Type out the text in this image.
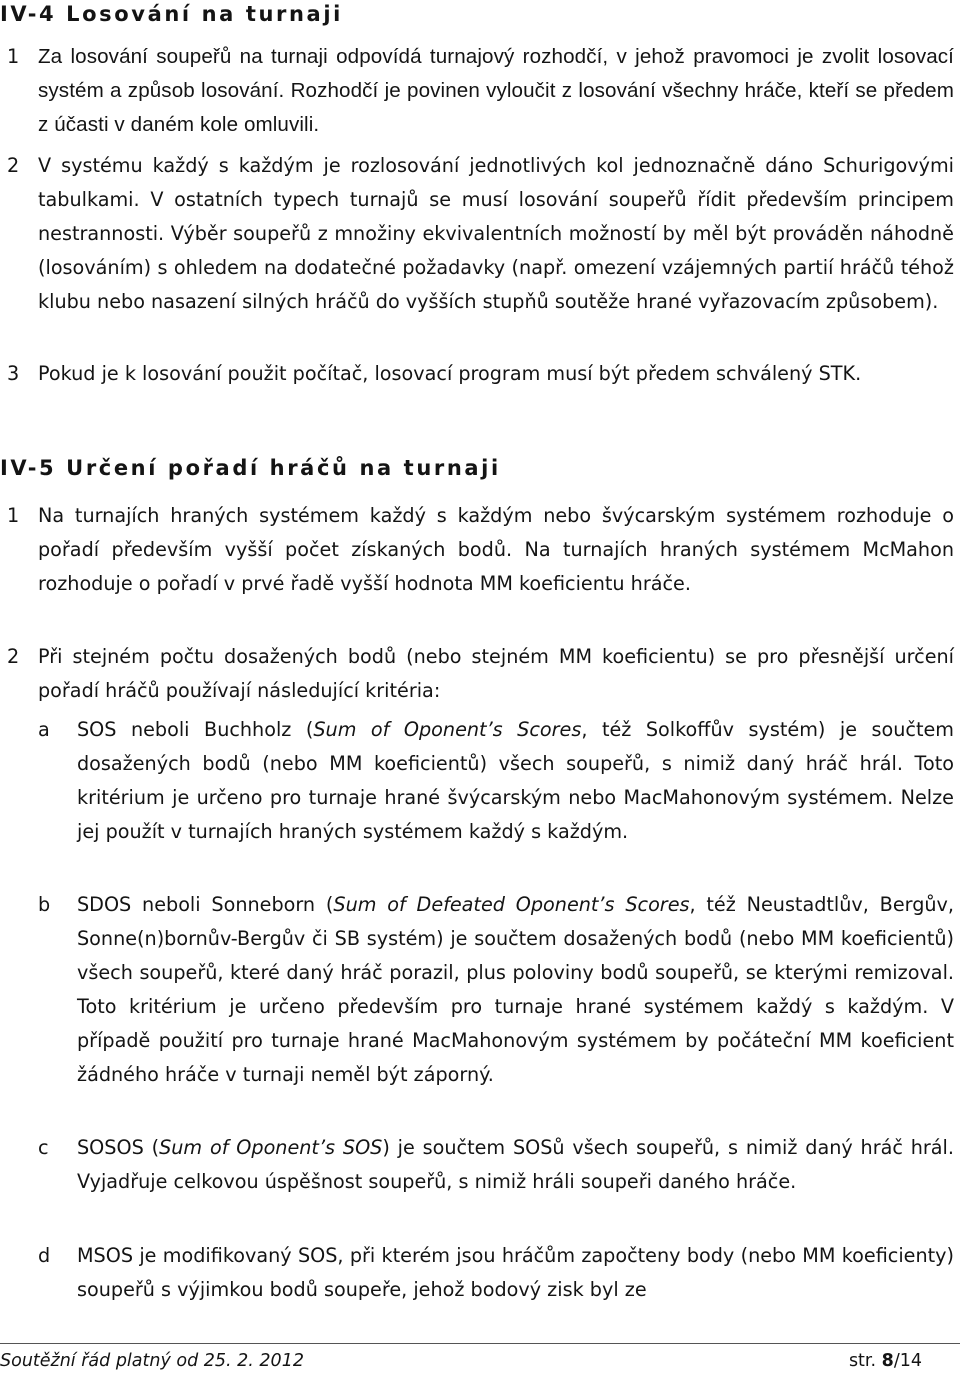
IV-4 Losování na turnaji
1 Za losování soupeřů na turnaji odpovídá turnajový rozhodčí, v jehož pravomoci je zvolit losovací systém a způsob losování. Rozhodčí je povinen vyloučit z losování všechny hráče, kteří se předem z účasti v daném kole omluvili.
2 V systému každý s každým je rozlosování jednotlivých kol jednoznačně dáno Schurigovými tabulkami. V ostatních typech turnajů se musí losování soupeřů řídit především principem nestrannosti. Výběr soupeřů z množiny ekvivalentních možností by měl být prováděn náhodně (losováním) s ohledem na dodatečné požadavky (např. omezení vzájemných partií hráčů téhož klubu nebo nasazení silných hráčů do vyšších stupňů soutěže hrané vyřazovacím způsobem).
3 Pokud je k losování použit počítač, losovací program musí být předem schválený STK.
IV-5 Určení pořadí hráčů na turnaji
1 Na turnajích hraných systémem každý s každým nebo švýcarským systémem rozhoduje o pořadí především vyšší počet získaných bodů. Na turnajích hraných systémem McMahon rozhoduje o pořadí v prvé řadě vyšší hodnota MM koeficientu hráče.
2 Při stejném počtu dosažených bodů (nebo stejném MM koeficientu) se pro přesnější určení pořadí hráčů používají následující kritéria:
a SOS neboli Buchholz (Sum of Oponent’s Scores, též Solkoffův systém) je součtem dosažených bodů (nebo MM koeficientů) všech soupeřů, s nimiž daný hráč hrál. Toto kritérium je určeno pro turnaje hrané švýcarským nebo MacMahonovým systémem. Nelze jej použít v turnajích hraných systémem každý s každým.
b SDOS neboli Sonneborn (Sum of Defeated Oponent’s Scores, též Neustadtlův, Bergův, Sonne(n)bornův-Bergův či SB systém) je součtem dosažených bodů (nebo MM koeficientů) všech soupeřů, které daný hráč porazil, plus poloviny bodů soupeřů, se kterými remizoval. Toto kritérium je určeno především pro turnaje hrané systémem každý s každým. V případě použití pro turnaje hrané MacMahonovým systémem by počáteční MM koeficient žádného hráče v turnaji neměl být záporný.
c SOSOS (Sum of Oponent’s SOS) je součtem SOSů všech soupeřů, s nimiž daný hráč hrál. Vyjadřuje celkovou úspěšnost soupeřů, s nimiž hráli soupeři daného hráče.
d MSOS je modifikovaný SOS, při kterém jsou hráčům započteny body (nebo MM koeficienty) soupeřů s výjimkou bodů soupeře, jehož bodový zisk byl ze
Soutěžní řád platný od 25. 2. 2012	str. 8/14
